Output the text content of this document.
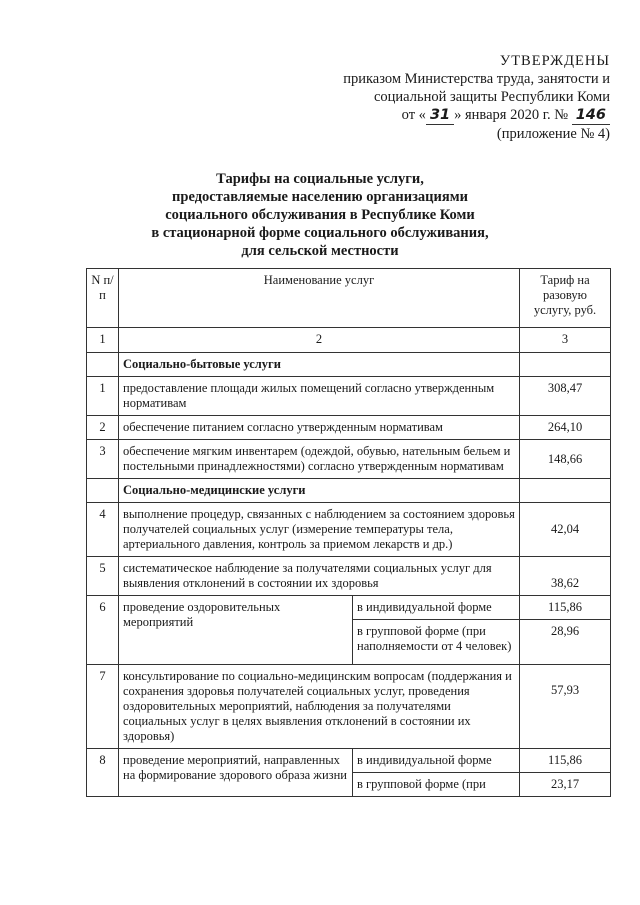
УТВЕРЖДЕНЫ
приказом Министерства труда, занятости и
социальной защиты Республики Коми
от « 31 » января 2020 г. № 146
(приложение № 4)
Тарифы на социальные услуги,
предоставляемые населению организациями
социального обслуживания в Республике Коми
в стационарной форме социального обслуживания,
для сельской местности
N п/п	Наименование услуг		Тариф на разовую услугу, руб.
1	2		3
	Социально-бытовые услуги		
1	предоставление площади жилых помещений согласно утвержденным нормативам		308,47
2	обеспечение питанием согласно утвержденным нормативам		264,10
3	обеспечение мягким инвентарем (одеждой, обувью, нательным бельем и постельными принадлежностями) согласно утвержденным нормативам		148,66
	Социально-медицинские услуги		
4	выполнение процедур, связанных с наблюдением за состоянием здоровья получателей социальных услуг (измерение температуры тела, артериального давления, контроль за приемом лекарств и др.)		42,04
5	систематическое наблюдение за получателями социальных услуг для выявления отклонений в состоянии их здоровья		38,62
6	проведение оздоровительных мероприятий	в индивидуальной форме	115,86
		в групповой форме (при наполняемости от 4 человек)	28,96
7	консультирование по социально-медицинским вопросам (поддержания и сохранения здоровья получателей социальных услуг, проведения оздоровительных мероприятий, наблюдения за получателями социальных услуг в целях выявления отклонений в состоянии их здоровья)		57,93
8	проведение мероприятий, направленных на формирование здорового образа жизни	в индивидуальной форме	115,86
		в групповой форме (при	23,17
